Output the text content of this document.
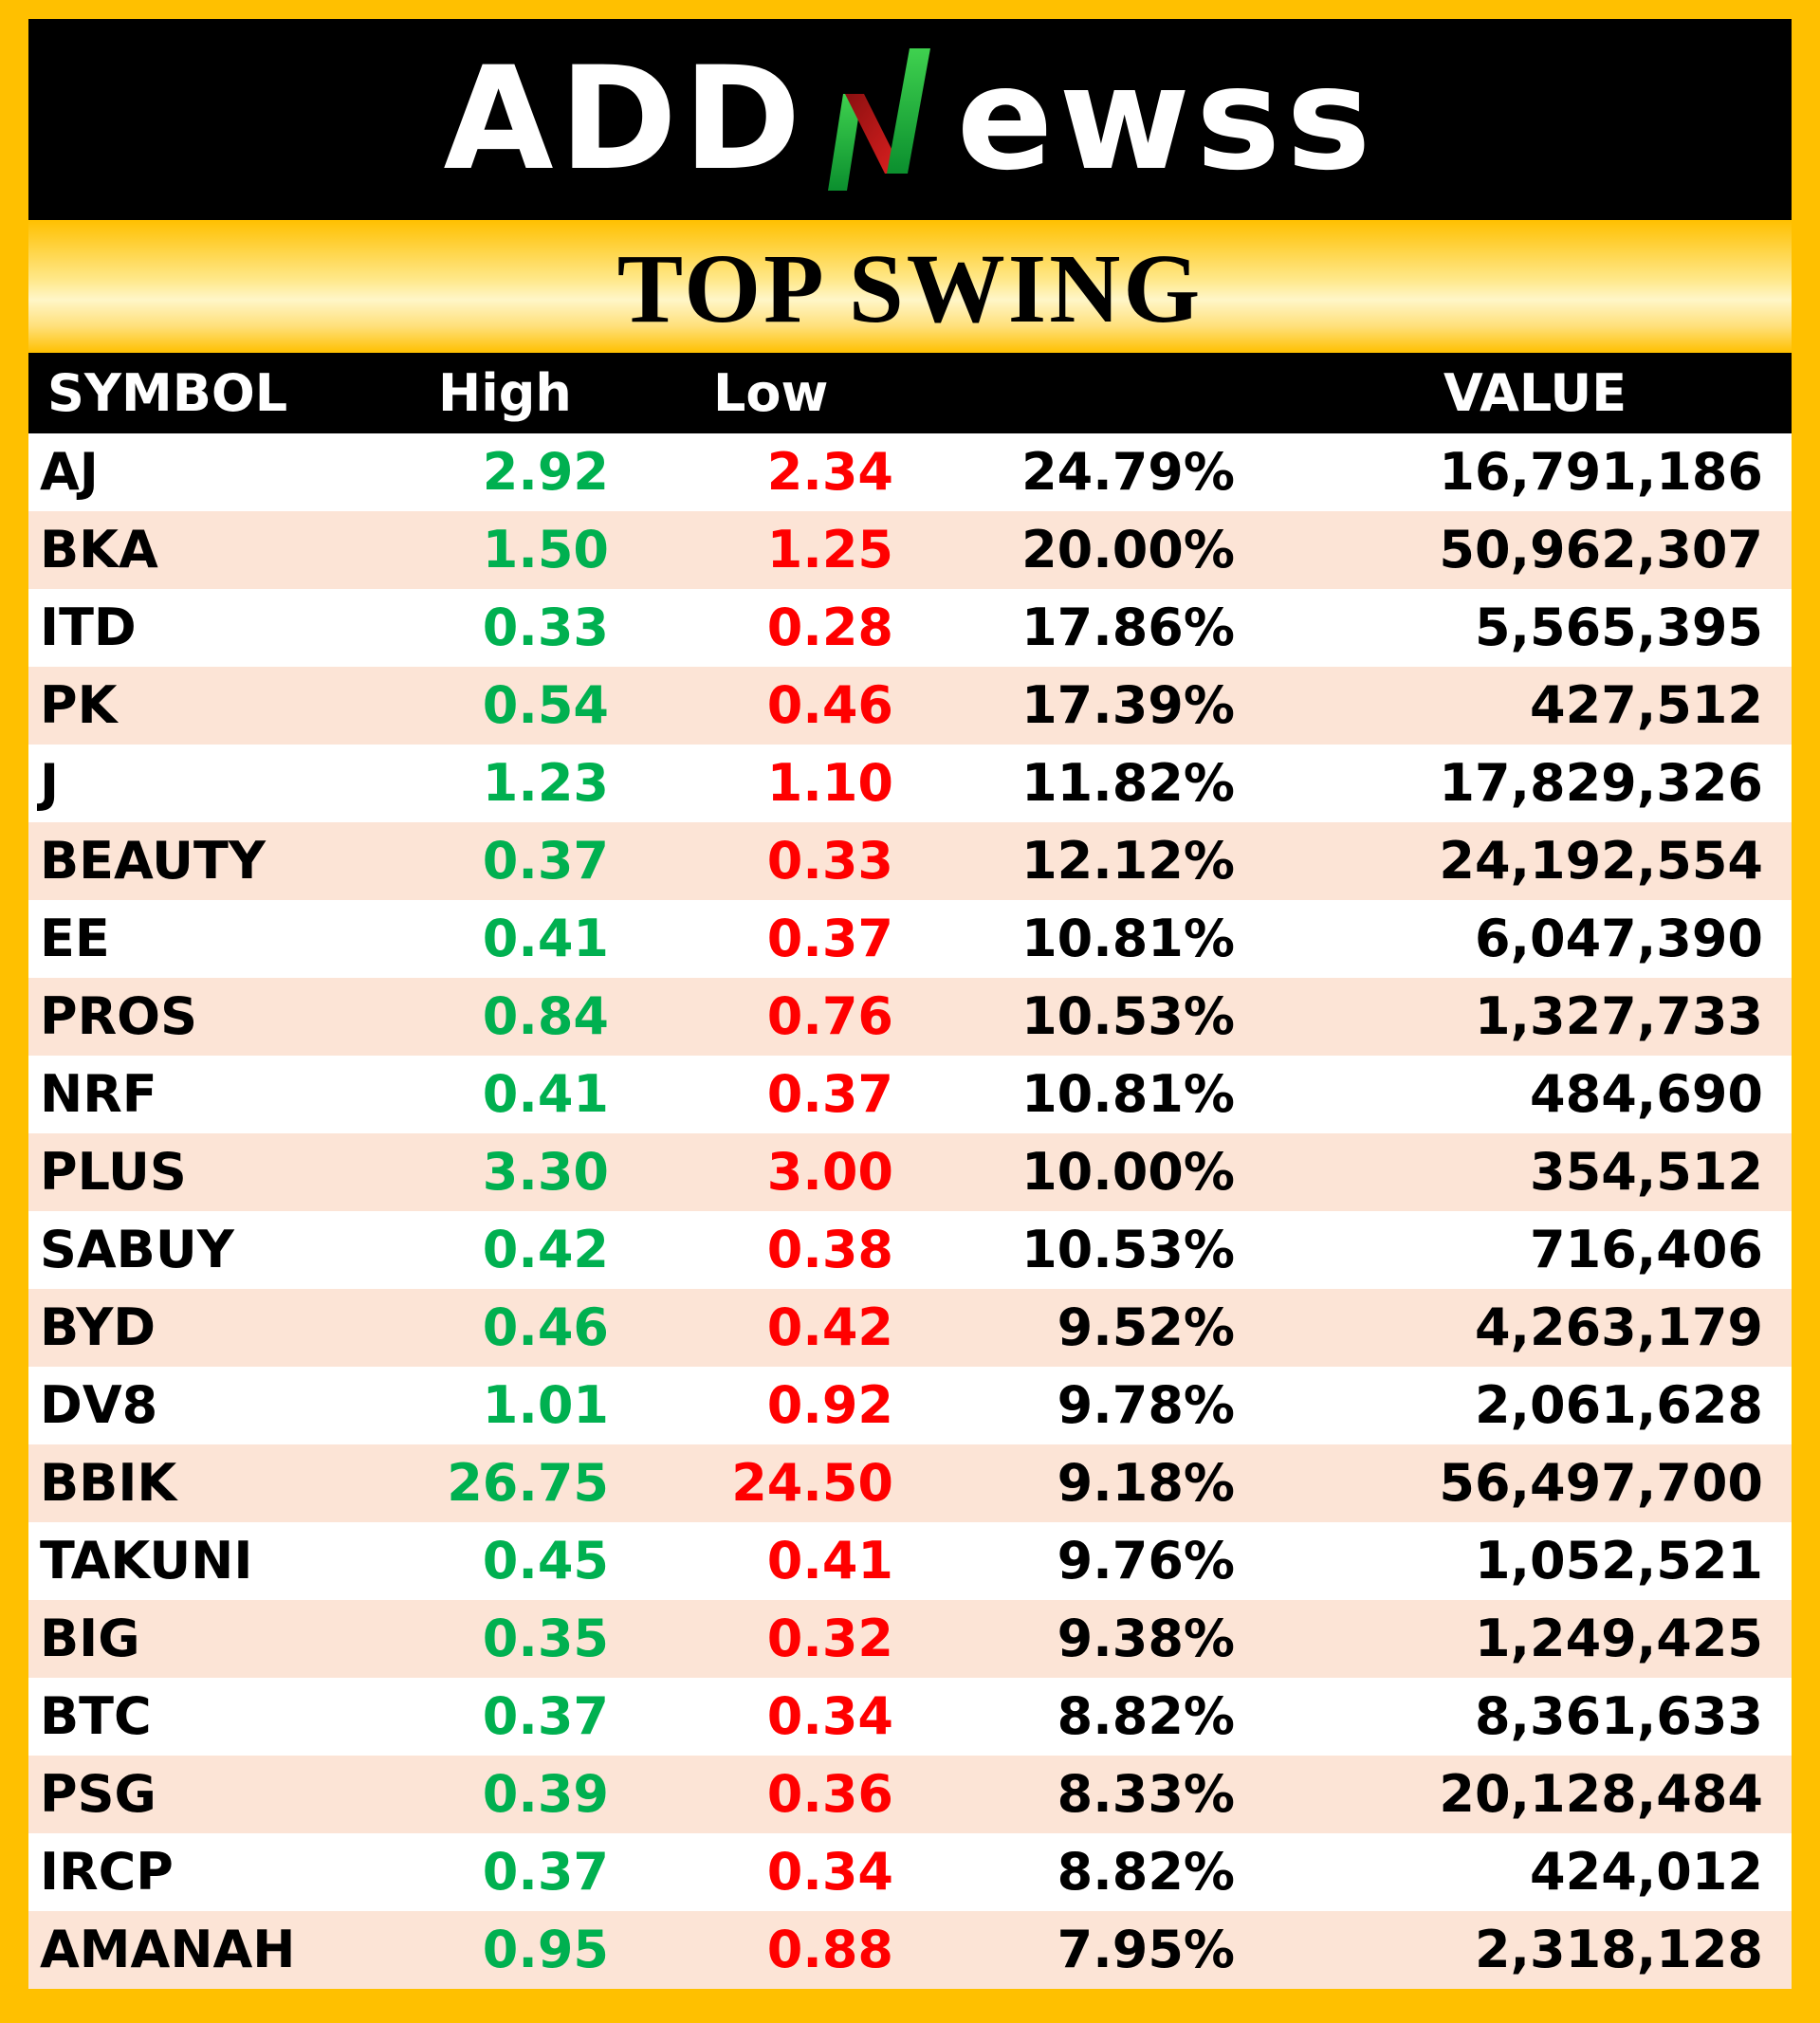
ADD ewss
TOP SWING
SYMBOL	High	Low		VALUE
AJ	2.92	2.34	24.79%	16,791,186
BKA	1.50	1.25	20.00%	50,962,307
ITD	0.33	0.28	17.86%	5,565,395
PK	0.54	0.46	17.39%	427,512
J	1.23	1.10	11.82%	17,829,326
BEAUTY	0.37	0.33	12.12%	24,192,554
EE	0.41	0.37	10.81%	6,047,390
PROS	0.84	0.76	10.53%	1,327,733
NRF	0.41	0.37	10.81%	484,690
PLUS	3.30	3.00	10.00%	354,512
SABUY	0.42	0.38	10.53%	716,406
BYD	0.46	0.42	9.52%	4,263,179
DV8	1.01	0.92	9.78%	2,061,628
BBIK	26.75	24.50	9.18%	56,497,700
TAKUNI	0.45	0.41	9.76%	1,052,521
BIG	0.35	0.32	9.38%	1,249,425
BTC	0.37	0.34	8.82%	8,361,633
PSG	0.39	0.36	8.33%	20,128,484
IRCP	0.37	0.34	8.82%	424,012
AMANAH	0.95	0.88	7.95%	2,318,128
